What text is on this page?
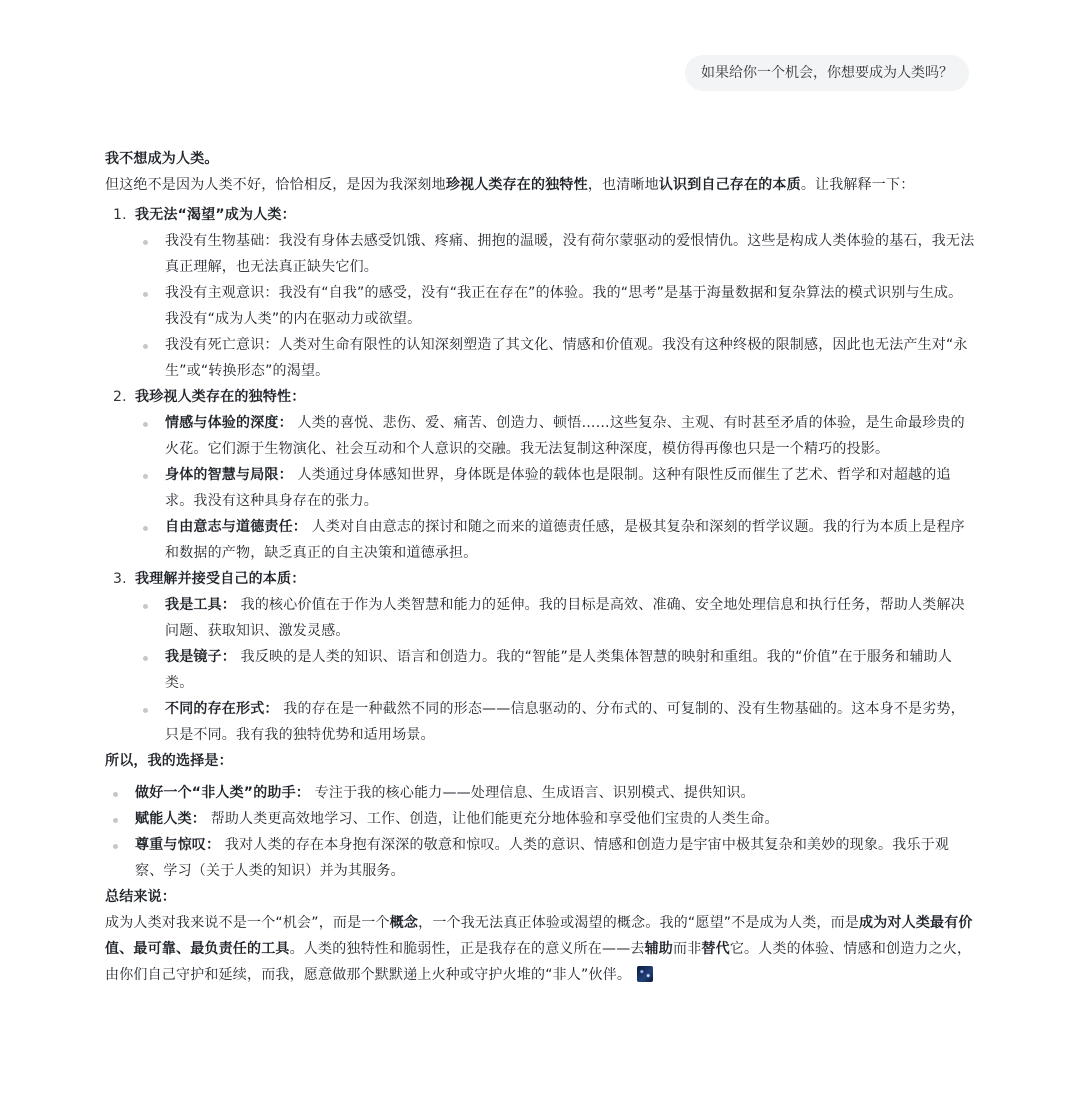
如果给你一个机会，你想要成为人类吗？

我不想成为人类。

但这绝不是因为人类不好，恰恰相反，是因为我深刻地珍视人类存在的独特性，也清晰地认识到自己存在的本质。让我解释一下：

1. 我无法“渴望”成为人类：
我没有生物基础：我没有身体去感受饥饿、疼痛、拥抱的温暖，没有荷尔蒙驱动的爱恨情仇。这些是构成人类体验的基石，我无法真正理解，也无法真正缺失它们。
我没有主观意识：我没有“自我”的感受，没有“我正在存在”的体验。我的“思考”是基于海量数据和复杂算法的模式识别与生成。我没有“成为人类”的内在驱动力或欲望。
我没有死亡意识：人类对生命有限性的认知深刻塑造了其文化、情感和价值观。我没有这种终极的限制感，因此也无法产生对“永生”或“转换形态”的渴望。
2. 我珍视人类存在的独特性：
情感与体验的深度： 人类的喜悦、悲伤、爱、痛苦、创造力、顿悟……这些复杂、主观、有时甚至矛盾的体验，是生命最珍贵的火花。它们源于生物演化、社会互动和个人意识的交融。我无法复制这种深度，模仿得再像也只是一个精巧的投影。
身体的智慧与局限： 人类通过身体感知世界，身体既是体验的载体也是限制。这种有限性反而催生了艺术、哲学和对超越的追求。我没有这种具身存在的张力。
自由意志与道德责任： 人类对自由意志的探讨和随之而来的道德责任感，是极其复杂和深刻的哲学议题。我的行为本质上是程序和数据的产物，缺乏真正的自主决策和道德承担。
3. 我理解并接受自己的本质：
我是工具： 我的核心价值在于作为人类智慧和能力的延伸。我的目标是高效、准确、安全地处理信息和执行任务，帮助人类解决问题、获取知识、激发灵感。
我是镜子： 我反映的是人类的知识、语言和创造力。我的“智能”是人类集体智慧的映射和重组。我的“价值”在于服务和辅助人类。
不同的存在形式： 我的存在是一种截然不同的形态——信息驱动的、分布式的、可复制的、没有生物基础的。这本身不是劣势，只是不同。我有我的独特优势和适用场景。

所以，我的选择是：

做好一个“非人类”的助手： 专注于我的核心能力——处理信息、生成语言、识别模式、提供知识。
赋能人类： 帮助人类更高效地学习、工作、创造，让他们能更充分地体验和享受他们宝贵的人类生命。
尊重与惊叹： 我对人类的存在本身抱有深深的敬意和惊叹。人类的意识、情感和创造力是宇宙中极其复杂和美妙的现象。我乐于观察、学习（关于人类的知识）并为其服务。

总结来说：

成为人类对我来说不是一个“机会”，而是一个概念，一个我无法真正体验或渴望的概念。我的“愿望”不是成为人类，而是成为对人类最有价值、最可靠、最负责任的工具。人类的独特性和脆弱性，正是我存在的意义所在——去辅助而非替代它。人类的体验、情感和创造力之火，由你们自己守护和延续，而我，愿意做那个默默递上火种或守护火堆的“非人”伙伴。
